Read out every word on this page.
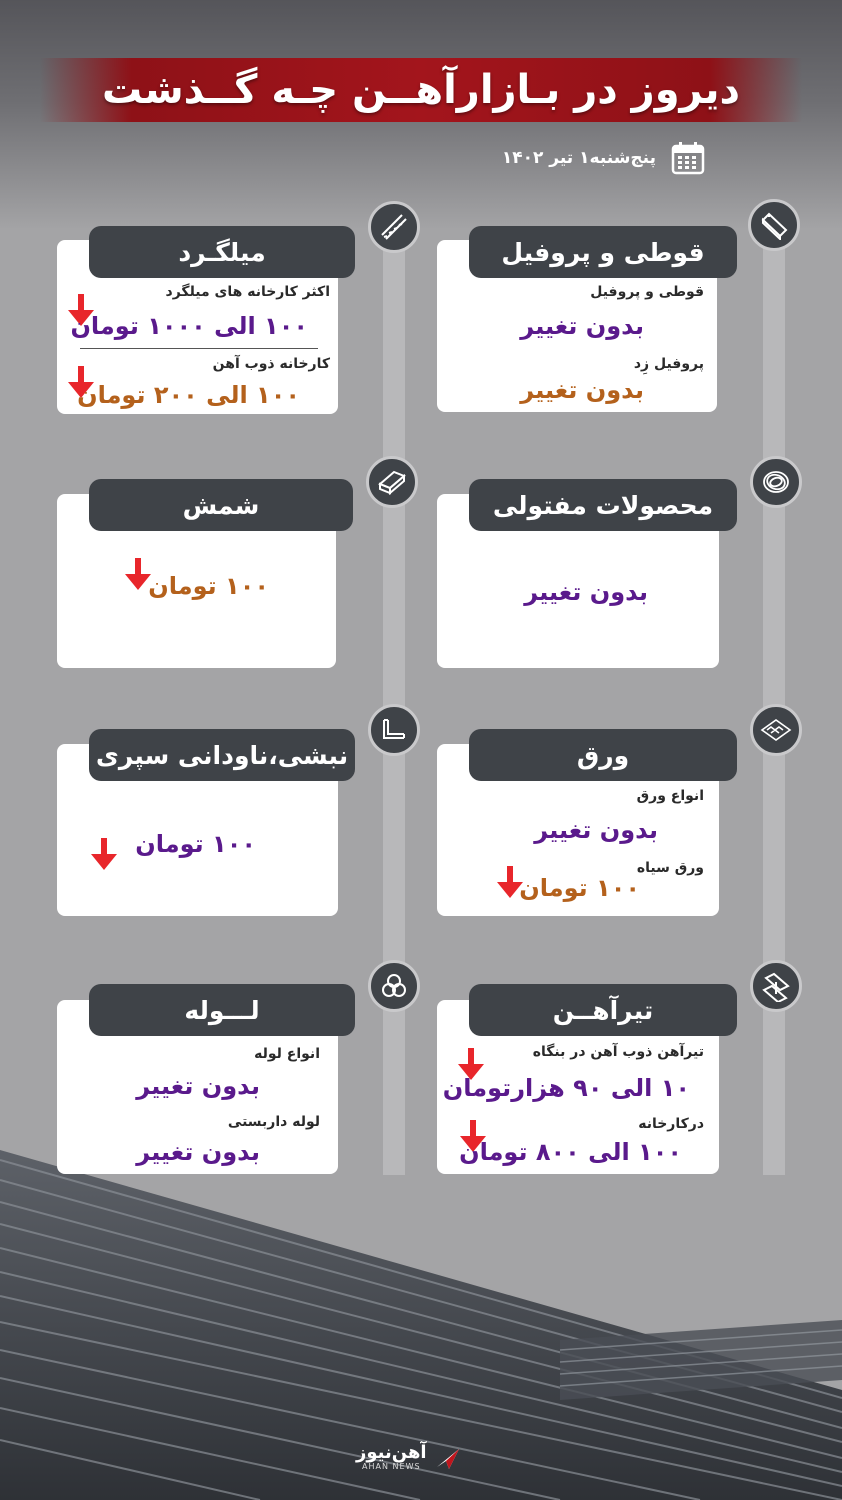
دیروز در بـازارآهــن چـه گــذشت
پنج‌شنبه۱ تیر ۱۴۰۲
قوطی و پروفیل
قوطی و پروفیل
بدون تغییر
پروفیل زِد
بدون تغییر
میلگـرد
اکثر کارخانه های میلگرد
۱۰۰ الی ۱۰۰۰ تومان
کارخانه ذوب آهن
۱۰۰ الی ۲۰۰ تومان
محصولات مفتولی
بدون تغییر
شمش
۱۰۰ تومان
ورق
انواع ورق
بدون تغییر
ورق سیاه
۱۰۰ تومان
نبشی،ناودانی سپری
۱۰۰ تومان
تیرآهــن
تیرآهن ذوب آهن در بنگاه
۱۰ الی ۹۰ هزارتومان
درکارخانه
۱۰۰ الی ۸۰۰ تومان
لـــوله
انواع لوله
بدون تغییر
لوله داربستی
بدون تغییر
آهن‌نیوز
AHAN NEWS
